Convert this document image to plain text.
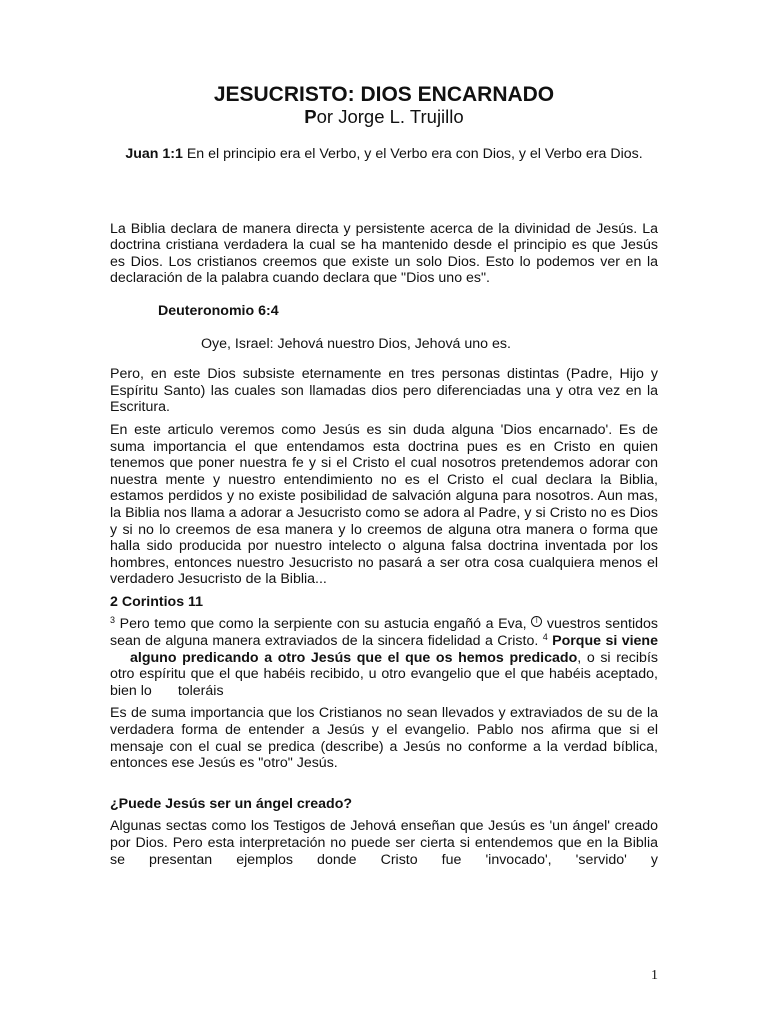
JESUCRISTO: DIOS ENCARNADO
Por Jorge L. Trujillo
Juan 1:1 En el principio era el Verbo, y el Verbo era con Dios, y el Verbo era Dios.

La Biblia declara de manera directa y persistente acerca de la divinidad de Jesús. La doctrina cristiana verdadera la cual se ha mantenido desde el principio es que Jesús es Dios. Los cristianos creemos que existe un solo Dios. Esto lo podemos ver en la declaración de la palabra cuando declara que "Dios uno es".

Deuteronomio 6:4
Oye, Israel: Jehová nuestro Dios, Jehová uno es.

Pero, en este Dios subsiste eternamente en tres personas distintas (Padre, Hijo y Espíritu Santo) las cuales son llamadas dios pero diferenciadas una y otra vez en la Escritura.

En este articulo veremos como Jesús es sin duda alguna 'Dios encarnado'. Es de suma importancia el que entendamos esta doctrina pues es en Cristo en quien tenemos que poner nuestra fe y si el Cristo el cual nosotros pretendemos adorar con nuestra mente y nuestro entendimiento no es el Cristo el cual declara la Biblia, estamos perdidos y no existe posibilidad de salvación alguna para nosotros. Aun mas, la Biblia nos llama a adorar a Jesucristo como se adora al Padre, y si Cristo no es Dios y si no lo creemos de esa manera y lo creemos de alguna otra manera o forma que halla sido producida por nuestro intelecto o alguna falsa doctrina inventada por los hombres, entonces nuestro Jesucristo no pasará a ser otra cosa cualquiera menos el verdadero Jesucristo de la Biblia...

2 Corintios 11

$^3$ Pero temo que como la serpiente con su astucia engañó a Eva, l vuestros sentidos sean de alguna manera extraviados de la sincera fidelidad a Cristo. $^4$ Porque si vienealguno predicando a otro Jesús que el que os hemos predicado, o si recibís otro espíritu que el que habéis recibido, u otro evangelio que el que habéis aceptado, bien lo toleráis

Es de suma importancia que los Cristianos no sean llevados y extraviados de su de la verdadera forma de entender a Jesús y el evangelio. Pablo nos afirma que si el mensaje con el cual se predica (describe) a Jesús no conforme a la verdad bíblica, entonces ese Jesús es "otro" Jesús.

¿Puede Jesús ser un ángel creado?

Algunas sectas como los Testigos de Jehová enseñan que Jesús es 'un ángel' creado por Dios. Pero esta interpretación no puede ser cierta si entendemos que en la Biblia se presentan ejemplos donde Cristo fue 'invocado', 'servido' y

1
